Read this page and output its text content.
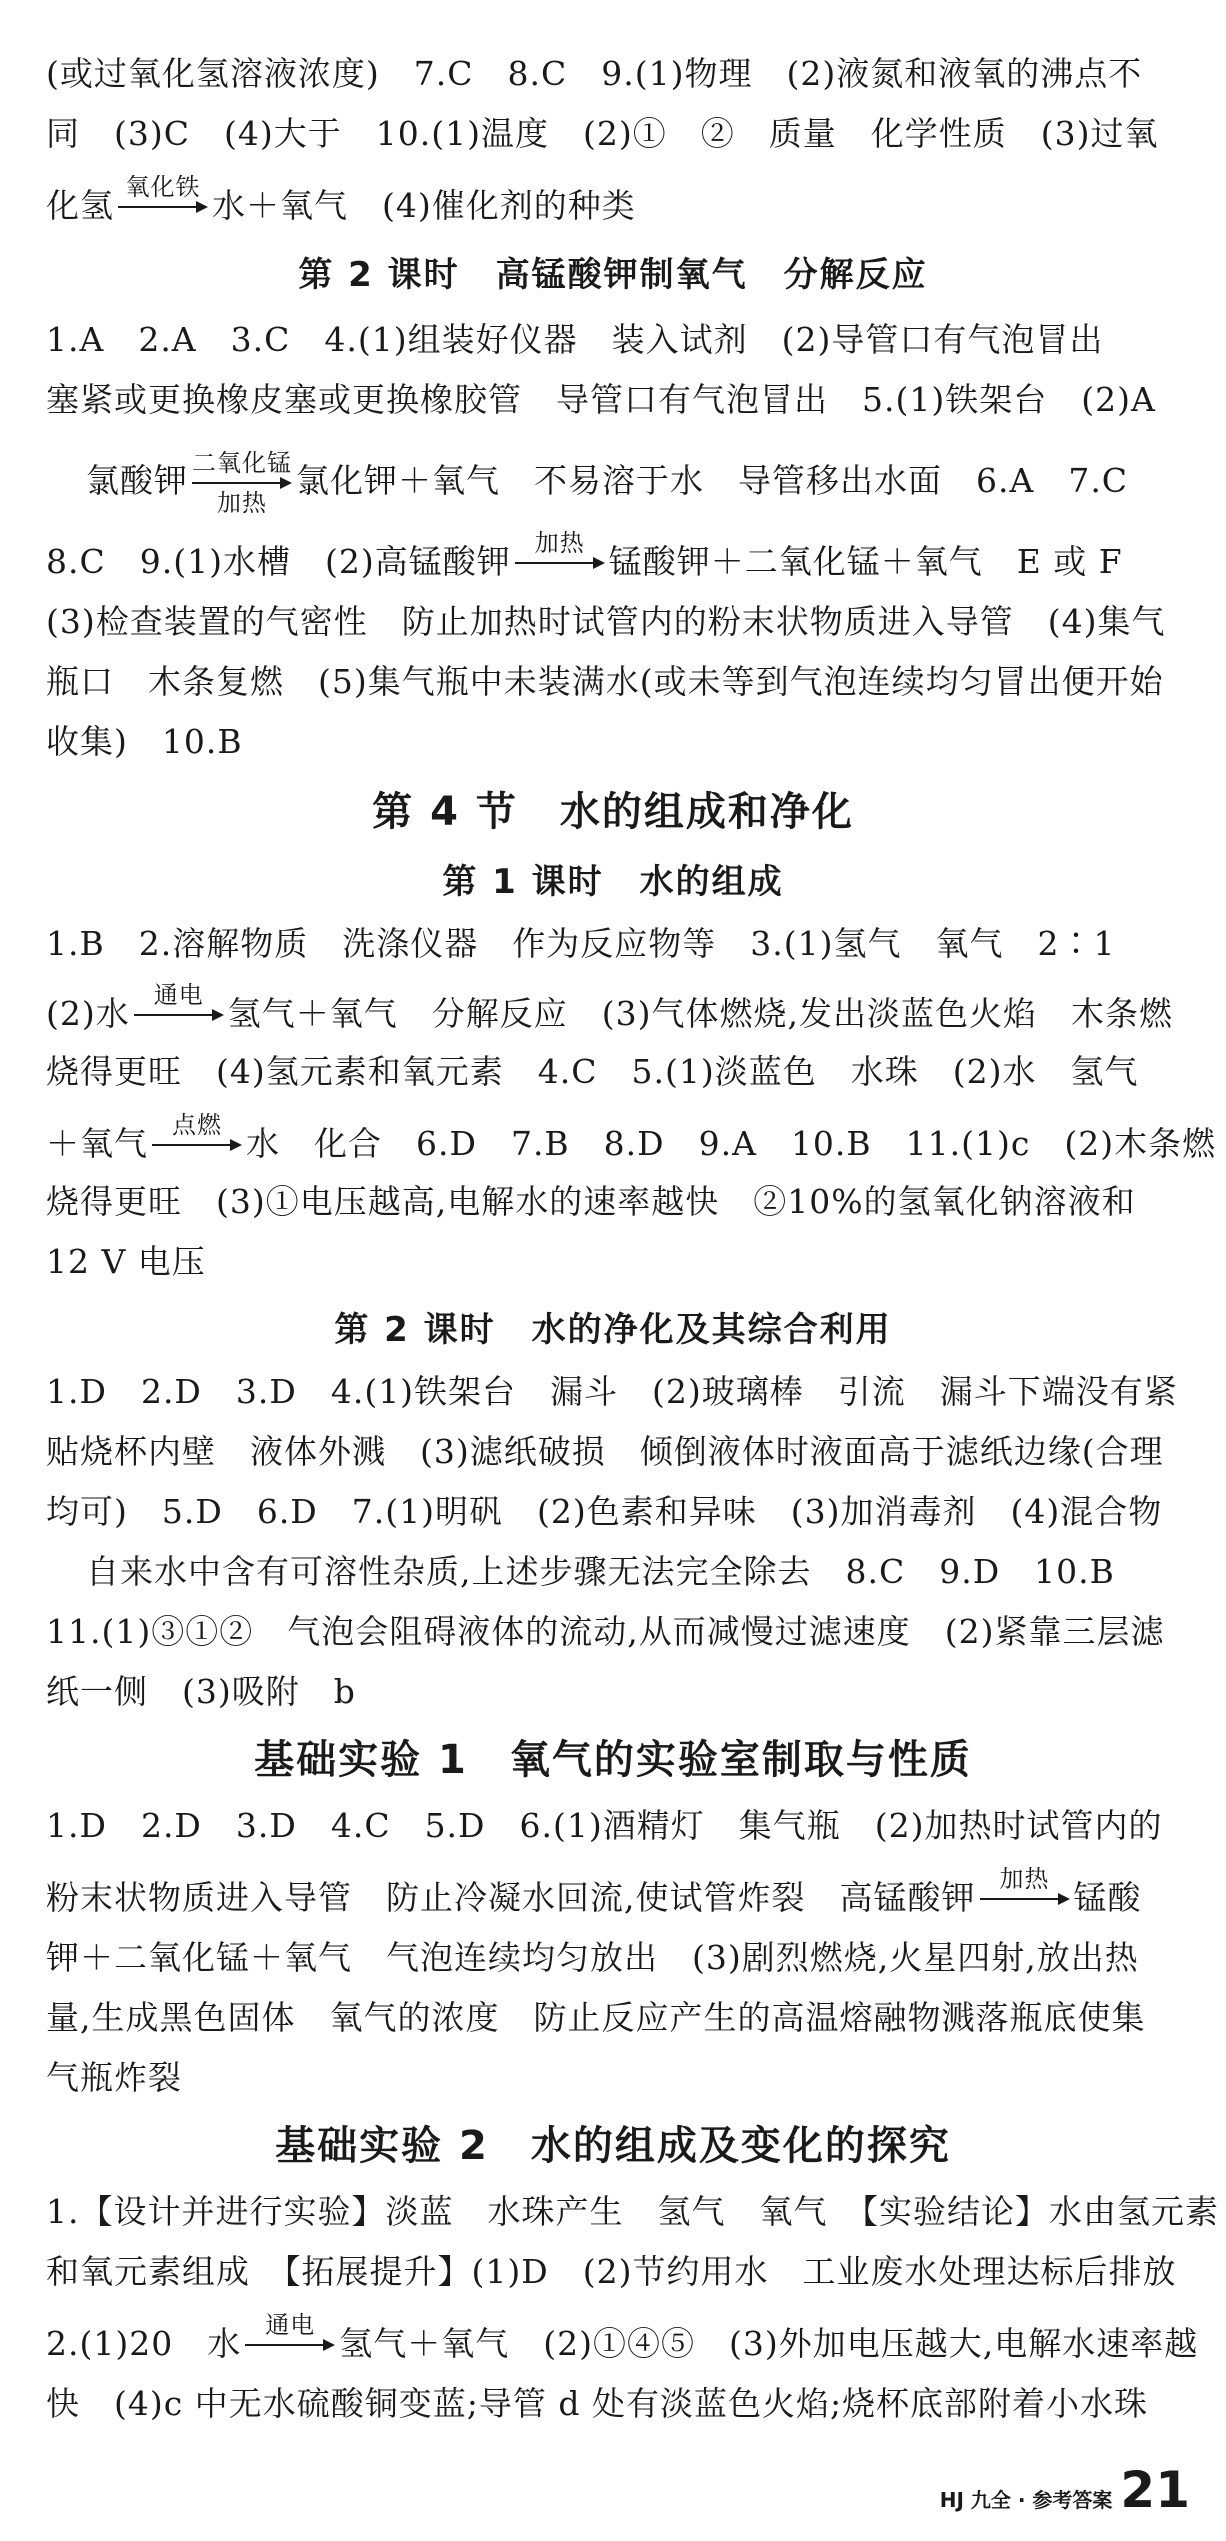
(或过氧化氢溶液浓度)　7.C　8.C　9.(1)物理　(2)液氮和液氧的沸点不
同　(3)C　(4)大于　10.(1)温度　(2)①　②　质量　化学性质　(3)过氧
化氢 氧化铁 水＋氧气　(4)催化剂的种类
第 2 课时　高锰酸钾制氧气　分解反应
1.A　2.A　3.C　4.(1)组装好仪器　装入试剂　(2)导管口有气泡冒出
塞紧或更换橡皮塞或更换橡胶管　导管口有气泡冒出　5.(1)铁架台　(2)A
氯酸钾 二氧化锰
加热
氯化钾＋氧气　不易溶于水　导管移出水面　6.A　7.C
8.C　9.(1)水槽　(2)高锰酸钾	加热 锰酸钾＋二氧化锰＋氧气　E 或 F
(3)检查装置的气密性　防止加热时试管内的粉末状物质进入导管　(4)集气
瓶口　木条复燃　(5)集气瓶中未装满水(或未等到气泡连续均匀冒出便开始
收集)　10.B
第 4 节　水的组成和净化
第 1 课时　水的组成
1.B　2.溶解物质　洗涤仪器　作为反应物等　3.(1)氢气　氧气　2∶1
(2)水	通电 氢气＋氧气　分解反应　(3)气体燃烧,发出淡蓝色火焰　木条燃
烧得更旺　(4)氢元素和氧元素　4.C　5.(1)淡蓝色　水珠　(2)水　氢气
＋氧气	点燃 水　化合　6.D　7.B　8.D　9.A　10.B　11.(1)c　(2)木条燃
烧得更旺　(3)①电压越高,电解水的速率越快　②10%的氢氧化钠溶液和
12 V 电压
第 2 课时　水的净化及其综合利用
1.D　2.D　3.D　4.(1)铁架台　漏斗　(2)玻璃棒　引流　漏斗下端没有紧
贴烧杯内壁　液体外溅　(3)滤纸破损　倾倒液体时液面高于滤纸边缘(合理
均可)　5.D　6.D　7.(1)明矾　(2)色素和异味　(3)加消毒剂　(4)混合物
自来水中含有可溶性杂质,上述步骤无法完全除去　8.C　9.D　10.B
11.(1)③①②　气泡会阻碍液体的流动,从而减慢过滤速度　(2)紧靠三层滤
纸一侧　(3)吸附　b
基础实验 1　氧气的实验室制取与性质
1.D　2.D　3.D　4.C　5.D　6.(1)酒精灯　集气瓶　(2)加热时试管内的
粉末状物质进入导管　防止冷凝水回流,使试管炸裂　高锰酸钾	加热 锰酸
钾＋二氧化锰＋氧气　气泡连续均匀放出　(3)剧烈燃烧,火星四射,放出热
量,生成黑色固体　氧气的浓度　防止反应产生的高温熔融物溅落瓶底使集
气瓶炸裂
基础实验 2　水的组成及变化的探究
1.【设计并进行实验】淡蓝　水珠产生　氢气　氧气　【实验结论】水由氢元素
和氧元素组成　【拓展提升】(1)D　(2)节约用水　工业废水处理达标后排放
2.(1)20　水	通电 氢气＋氧气　(2)①④⑤　(3)外加电压越大,电解水速率越
快　(4)c 中无水硫酸铜变蓝;导管 d 处有淡蓝色火焰;烧杯底部附着小水珠
HJ 九全 · 参考答案 21
